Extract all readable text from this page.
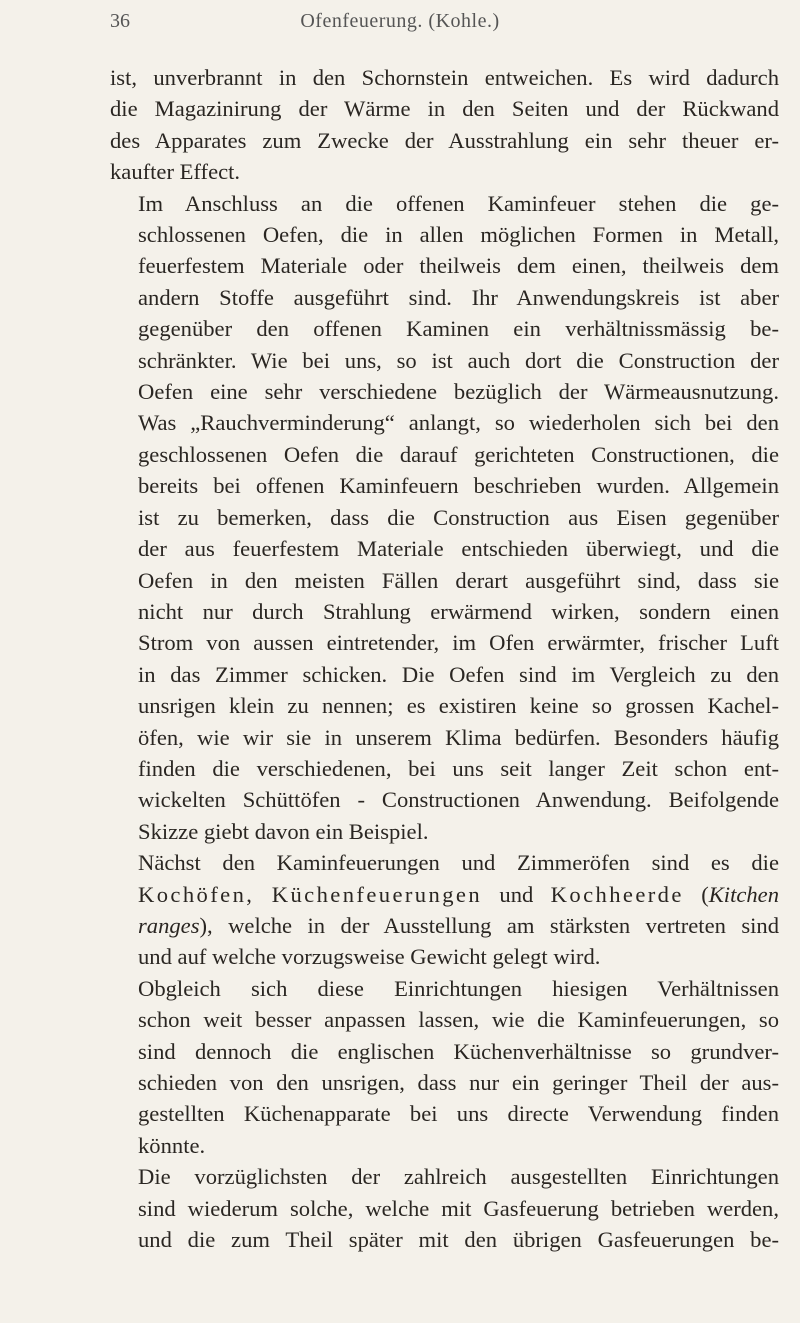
36	Ofenfeuerung. (Kohle.)

ist, unverbrannt in den Schornstein entweichen. Es wird dadurch
die Magazinirung der Wärme in den Seiten und der Rückwand
des Apparates zum Zwecke der Ausstrahlung ein sehr theuer er-
kaufter Effect.

Im Anschluss an die offenen Kaminfeuer stehen die ge-
schlossenen Oefen, die in allen möglichen Formen in Metall,
feuerfestem Materiale oder theilweis dem einen, theilweis dem
andern Stoffe ausgeführt sind. Ihr Anwendungskreis ist aber
gegenüber den offenen Kaminen ein verhältnissmässig be-
schränkter. Wie bei uns, so ist auch dort die Construction der
Oefen eine sehr verschiedene bezüglich der Wärmeausnutzung.
Was „Rauchverminderung“ anlangt, so wiederholen sich bei den
geschlossenen Oefen die darauf gerichteten Constructionen, die
bereits bei offenen Kaminfeuern beschrieben wurden. Allgemein
ist zu bemerken, dass die Construction aus Eisen gegenüber
der aus feuerfestem Materiale entschieden überwiegt, und die
Oefen in den meisten Fällen derart ausgeführt sind, dass sie
nicht nur durch Strahlung erwärmend wirken, sondern einen
Strom von aussen eintretender, im Ofen erwärmter, frischer Luft
in das Zimmer schicken. Die Oefen sind im Vergleich zu den
unsrigen klein zu nennen; es existiren keine so grossen Kachel-
öfen, wie wir sie in unserem Klima bedürfen. Besonders häufig
finden die verschiedenen, bei uns seit langer Zeit schon ent-
wickelten Schüttöfen - Constructionen Anwendung. Beifolgende
Skizze giebt davon ein Beispiel.

Nächst den Kaminfeuerungen und Zimmeröfen sind es die
Kochöfen, Küchenfeuerungen und Kochheerde (Kitchen
ranges), welche in der Ausstellung am stärksten vertreten sind
und auf welche vorzugsweise Gewicht gelegt wird.

Obgleich sich diese Einrichtungen hiesigen Verhältnissen
schon weit besser anpassen lassen, wie die Kaminfeuerungen, so
sind dennoch die englischen Küchenverhältnisse so grundver-
schieden von den unsrigen, dass nur ein geringer Theil der aus-
gestellten Küchenapparate bei uns directe Verwendung finden
könnte.

Die vorzüglichsten der zahlreich ausgestellten Einrichtungen
sind wiederum solche, welche mit Gasfeuerung betrieben werden,
und die zum Theil später mit den übrigen Gasfeuerungen be-
